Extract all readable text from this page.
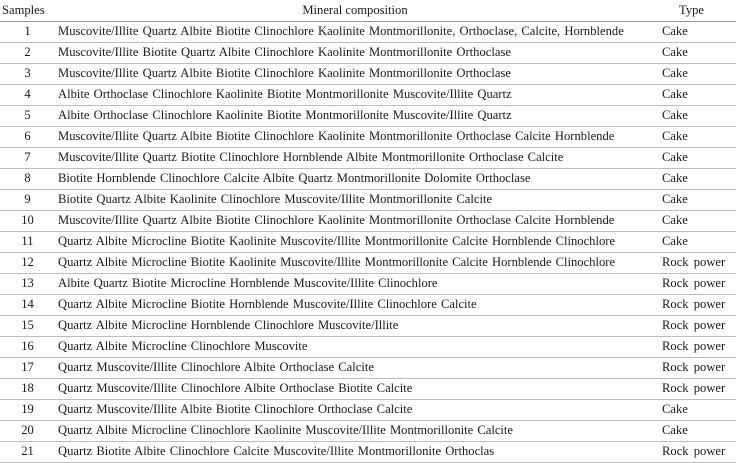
Samples	Mineral composition	Type
1	Muscovite/Illite Quartz Albite Biotite Clinochlore Kaolinite Montmorillonite, Orthoclase, Calcite, Hornblende	Cake
2	Muscovite/Illite Biotite Quartz Albite Clinochlore Kaolinite Montmorillonite Orthoclase	Cake
3	Muscovite/Illite Quartz Albite Biotite Clinochlore Kaolinite Montmorillonite Orthoclase	Cake
4	Albite Orthoclase Clinochlore Kaolinite Biotite Montmorillonite Muscovite/Illite Quartz	Cake
5	Albite Orthoclase Clinochlore Kaolinite Biotite Montmorillonite Muscovite/Illite Quartz	Cake
6	Muscovite/Illite Quartz Albite Biotite Clinochlore Kaolinite Montmorillonite Orthoclase Calcite Hornblende	Cake
7	Muscovite/Illite Quartz Biotite Clinochlore Hornblende Albite Montmorillonite Orthoclase Calcite	Cake
8	Biotite Hornblende Clinochlore Calcite Albite Quartz Montmorillonite Dolomite Orthoclase	Cake
9	Biotite Quartz Albite Kaolinite Clinochlore Muscovite/Illite Montmorillonite Calcite	Cake
10	Muscovite/Illite Quartz Albite Biotite Clinochlore Kaolinite Montmorillonite Orthoclase Calcite Hornblende	Cake
11	Quartz Albite Microcline Biotite Kaolinite Muscovite/Illite Montmorillonite Calcite Hornblende Clinochlore	Cake
12	Quartz Albite Microcline Biotite Kaolinite Muscovite/Illite Montmorillonite Calcite Hornblende Clinochlore	Rock power
13	Albite Quartz Biotite Microcline Hornblende Muscovite/Illite Clinochlore	Rock power
14	Quartz Albite Microcline Biotite Hornblende Muscovite/Illite Clinochlore Calcite	Rock power
15	Quartz Albite Microcline Hornblende Clinochlore Muscovite/Illite	Rock power
16	Quartz Albite Microcline Clinochlore Muscovite	Rock power
17	Quartz Muscovite/Illite Clinochlore Albite Orthoclase Calcite	Rock power
18	Quartz Muscovite/Illite Clinochlore Albite Orthoclase Biotite Calcite	Rock power
19	Quartz Muscovite/Illite Albite Biotite Clinochlore Orthoclase Calcite	Cake
20	Quartz Albite Microcline Clinochlore Kaolinite Muscovite/Illite Montmorillonite Calcite	Cake
21	Quartz Biotite Albite Clinochlore Calcite Muscovite/Illite Montmorillonite Orthoclas	Rock power
